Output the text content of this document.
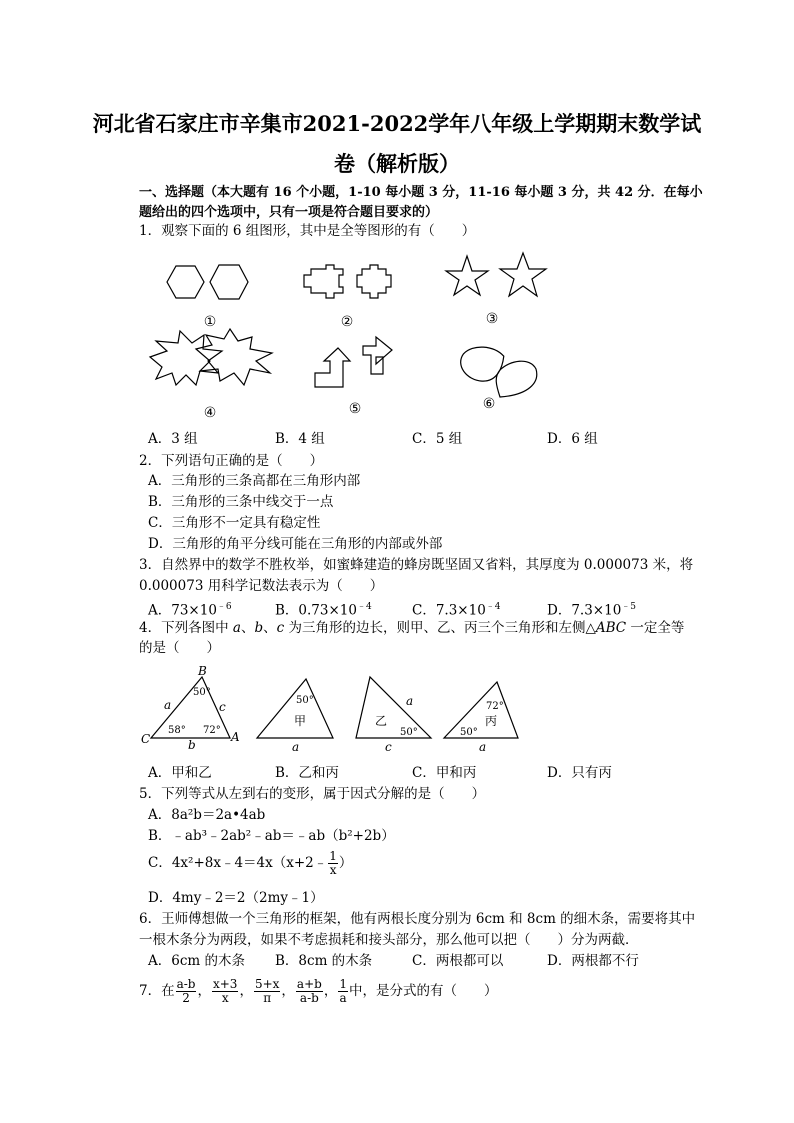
河北省石家庄市辛集市2021-2022学年八年级上学期期末数学试
卷（解析版）
一、选择题（本大题有 16 个小题，1-10 每小题 3 分，11-16 每小题 3 分，共 42 分．在每小
题给出的四个选项中，只有一项是符合题目要求的）
1．观察下面的 6 组图形，其中是全等图形的有（　　）
①	②	③
④	⑤	⑥
A．3 组	B．4 组	C．5 组	D．6 组
2．下列语句正确的是（　　）
A．三角形的三条高都在三角形内部
B．三角形的三条中线交于一点
C．三角形不一定具有稳定性
D．三角形的角平分线可能在三角形的内部或外部
3．自然界中的数学不胜枚举，如蜜蜂建造的蜂房既坚固又省料，其厚度为 0.000073 米，将
0.000073 用科学记数法表示为（　　）
A．$73\times 10^{﹣6}$	B．$0.73\times 10^{﹣4}$	C．$7.3\times 10^{﹣4}$	D．$7.3\times 10^{﹣5}$
4．下列各图中 a、b、c 为三角形的边长，则甲、乙、丙三个三角形和左侧△ABC 一定全等
的是（　　）
B
C	A
a	c
b
50°
58° 72°
50°
甲
a
a
乙
50°
c
72°
丙
50°
a
A．甲和乙	B．乙和丙	C．甲和丙	D．只有丙
5．下列等式从左到右的变形，属于因式分解的是（　　）
A．8a²b＝2a•4ab
B．﹣ab³﹣2ab²﹣ab＝﹣ab（b²+2b）
C．4x²+8x﹣4＝4x（x+2﹣ $\frac{1}{x}$ ）
D．4my﹣2＝2（2my﹣1）
6．王师傅想做一个三角形的框架，他有两根长度分别为 6cm 和 8cm 的细木条，需要将其中
一根木条分为两段，如果不考虑损耗和接头部分，那么他可以把（　　）分为两截．
A．6cm 的木条 B．8cm 的木条	C．两根都可以	D．两根都不行
7．在 $\frac{a-b}{2}$ ， $\frac{x+3}{x}$ ， $\frac{5+x}{\pi}$ ， $\frac{a+b}{a-b}$ ， $\frac{1}{a}$ 中，是分式的有（　　）
